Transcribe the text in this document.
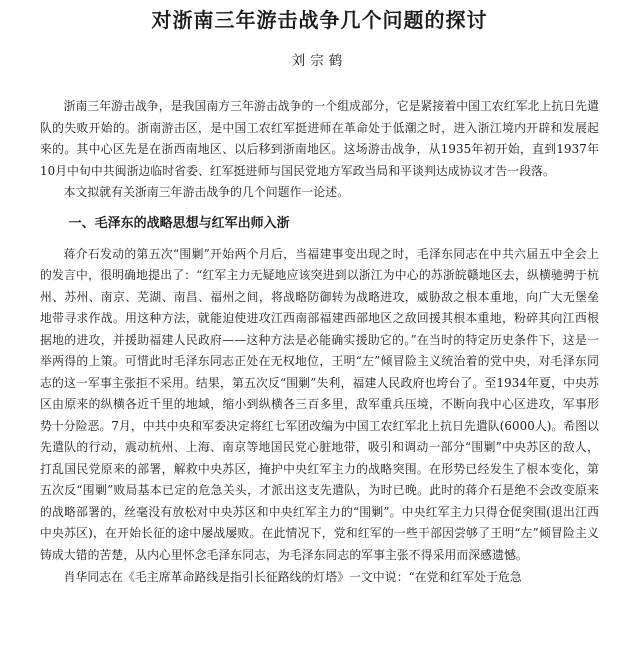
对浙南三年游击战争几个问题的探讨
刘宗鹤

浙南三年游击战争，是我国南方三年游击战争的一个组成部分，它是紧接着中国工农红军北上抗日先遣队的失败开始的。浙南游击区，是中国工农红军挺进师在革命处于低潮之时，进入浙江境内开辟和发展起来的。其中心区先是在浙西南地区、以后移到浙南地区。这场游击战争，从1935年初开始，直到1937年10月中旬中共闽浙边临时省委、红军挺进师与国民党地方军政当局和平谈判达成协议才告一段落。

本文拟就有关浙南三年游击战争的几个问题作一论述。

一、毛泽东的战略思想与红军出师入浙

蒋介石发动的第五次“围剿”开始两个月后，当福建事变出现之时，毛泽东同志在中共六届五中全会上的发言中，很明确地提出了：“红军主力无疑地应该突进到以浙江为中心的苏浙皖赣地区去，纵横驰骋于杭州、苏州、南京、芜湖、南昌、福州之间，将战略防御转为战略进攻，威胁敌之根本重地，向广大无堡垒地带寻求作战。用这种方法，就能迫使进攻江西南部福建西部地区之敌回援其根本重地，粉碎其向江西根据地的进攻，并援助福建人民政府——这种方法是必能确实援助它的。”在当时的特定历史条件下，这是一举两得的上策。可惜此时毛泽东同志正处在无权地位，王明“左”倾冒险主义统治着的党中央，对毛泽东同志的这一军事主张拒不采用。结果，第五次反“围剿”失利，福建人民政府也垮台了。至1934年夏，中央苏区由原来的纵横各近千里的地域，缩小到纵横各三百多里，敌军重兵压境，不断向我中心区进攻，军事形势十分险恶。7月，中共中央和军委决定将红七军团改编为中国工农红军北上抗日先遣队(6000人)。希图以先遣队的行动，震动杭州、上海、南京等地国民党心脏地带，吸引和调动一部分“围剿”中央苏区的敌人，打乱国民党原来的部署，解救中央苏区，掩护中央红军主力的战略突围。在形势已经发生了根本变化，第五次反“围剿”败局基本已定的危急关头，才派出这支先遣队，为时已晚。此时的蒋介石是绝不会改变原来的战略部署的，丝毫没有放松对中央苏区和中央红军主力的“围剿”。中央红军主力只得仓促突围(退出江西中央苏区)，在开始长征的途中屡战屡败。在此情况下，党和红军的一些干部因尝够了王明“左”倾冒险主义铸成大错的苦楚，从内心里怀念毛泽东同志，为毛泽东同志的军事主张不得采用而深感遗憾。

肖华同志在《毛主席革命路线是指引长征路线的灯塔》一文中说：“在党和红军处于危急
